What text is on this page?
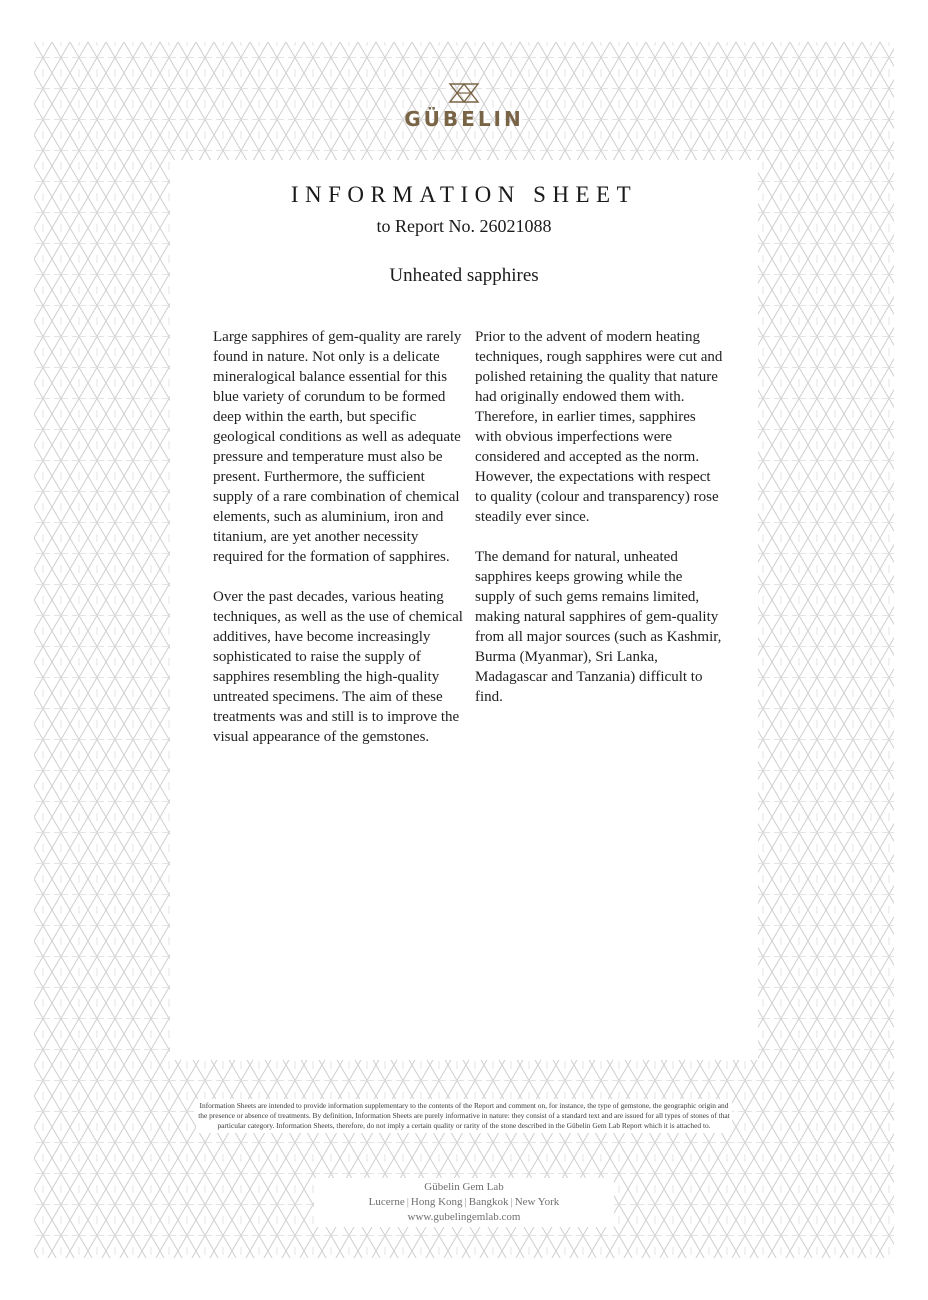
GÜBELIN
INFORMATION SHEET
to Report No. 26021088
Unheated sapphires

Large sapphires of gem-quality are rarely found in nature. Not only is a delicate mineralogical balance essential for this blue variety of corundum to be formed deep within the earth, but specific geological conditions as well as adequate pressure and temperature must also be present. Furthermore, the sufficient supply of a rare combination of chemical elements, such as aluminium, iron and titanium, are yet another necessity required for the formation of sapphires.

Over the past decades, various heating techniques, as well as the use of chemical additives, have become increasingly sophisticated to raise the supply of sapphires resembling the high-quality untreated specimens. The aim of these treatments was and still is to improve the visual appearance of the gemstones.

Prior to the advent of modern heating techniques, rough sapphires were cut and polished retaining the quality that nature had originally endowed them with. Therefore, in earlier times, sapphires with obvious imperfections were considered and accepted as the norm. However, the expectations with respect to quality (colour and transparency) rose steadily ever since.

The demand for natural, unheated sapphires keeps growing while the supply of such gems remains limited, making natural sapphires of gem-quality from all major sources (such as Kashmir, Burma (Myanmar), Sri Lanka, Madagascar and Tanzania) difficult to find.

Information Sheets are intended to provide information supplementary to the contents of the Report and comment on, for instance, the type of gemstone, the geographic origin and the presence or absence of treatments. By definition, Information Sheets are purely informative in nature: they consist of a standard text and are issued for all types of stones of that particular category. Information Sheets, therefore, do not imply a certain quality or rarity of the stone described in the Gübelin Gem Lab Report which it is attached to.
Gübelin Gem Lab
Lucerne | Hong Kong | Bangkok | New York
www.gubelingemlab.com
